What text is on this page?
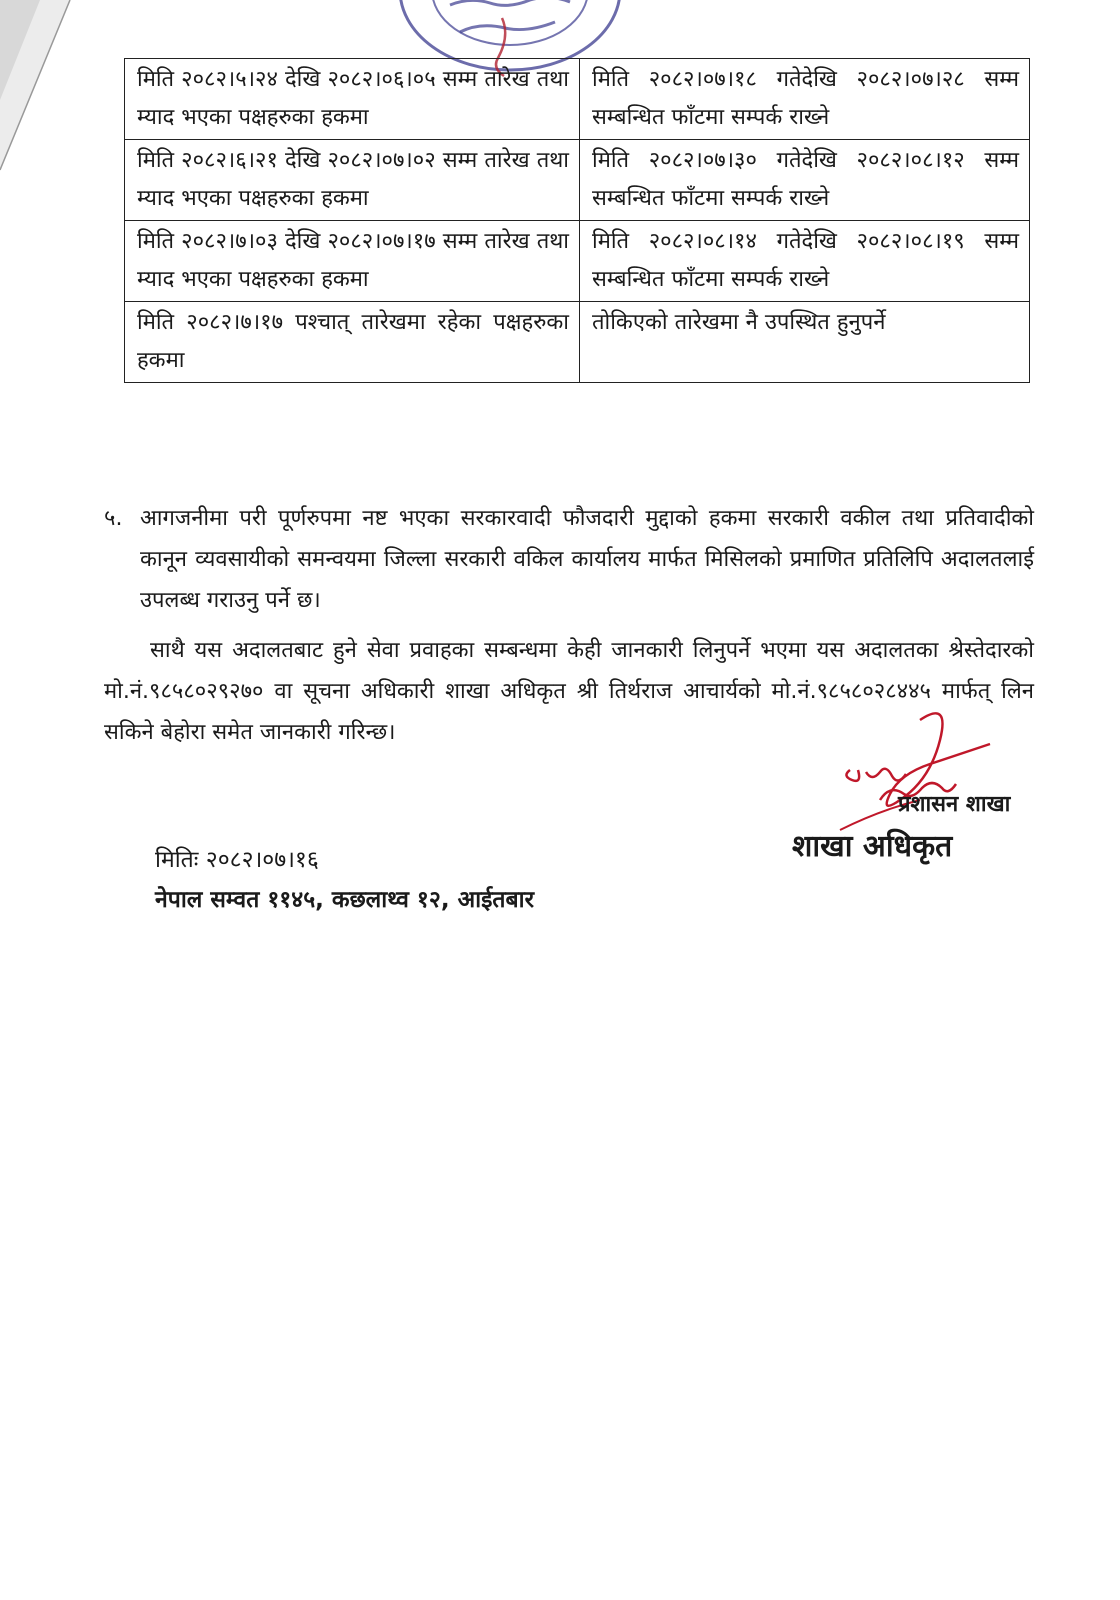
मिति २०८२।५।२४ देखि २०८२।०६।०५ सम्म तारेख तथा म्याद भएका पक्षहरुका हकमा	मिति २०८२।०७।१८ गतेदेखि २०८२।०७।२८ सम्म सम्बन्धित फाँटमा सम्पर्क राख्ने
मिति २०८२।६।२१ देखि २०८२।०७।०२ सम्म तारेख तथा म्याद भएका पक्षहरुका हकमा	मिति २०८२।०७।३० गतेदेखि २०८२।०८।१२ सम्म सम्बन्धित फाँटमा सम्पर्क राख्ने
मिति २०८२।७।०३ देखि २०८२।०७।१७ सम्म तारेख तथा म्याद भएका पक्षहरुका हकमा	मिति २०८२।०८।१४ गतेदेखि २०८२।०८।१९ सम्म सम्बन्धित फाँटमा सम्पर्क राख्ने
मिति २०८२।७।१७ पश्चात् तारेखमा रहेका पक्षहरुका हकमा	तोकिएको तारेखमा नै उपस्थित हुनुपर्ने
५. आगजनीमा परी पूर्णरुपमा नष्ट भएका सरकारवादी फौजदारी मुद्दाको हकमा सरकारी वकील तथा प्रतिवादीको कानून व्यवसायीको समन्वयमा जिल्ला सरकारी वकिल कार्यालय मार्फत मिसिलको प्रमाणित प्रतिलिपि अदालतलाई उपलब्ध गराउनु पर्ने छ।
साथै यस अदालतबाट हुने सेवा प्रवाहका सम्बन्धमा केही जानकारी लिनुपर्ने भएमा यस अदालतका श्रेस्तेदारको मो.नं.९८५८०२९२७० वा सूचना अधिकारी शाखा अधिकृत श्री तिर्थराज आचार्यको मो.नं.९८५८०२८४४५ मार्फत् लिन सकिने बेहोरा समेत जानकारी गरिन्छ।
प्रशासन शाखा
शाखा अधिकृत
मितिः २०८२।०७।१६
नेपाल सम्वत ११४५, कछलाथ्व १२, आईतबार
